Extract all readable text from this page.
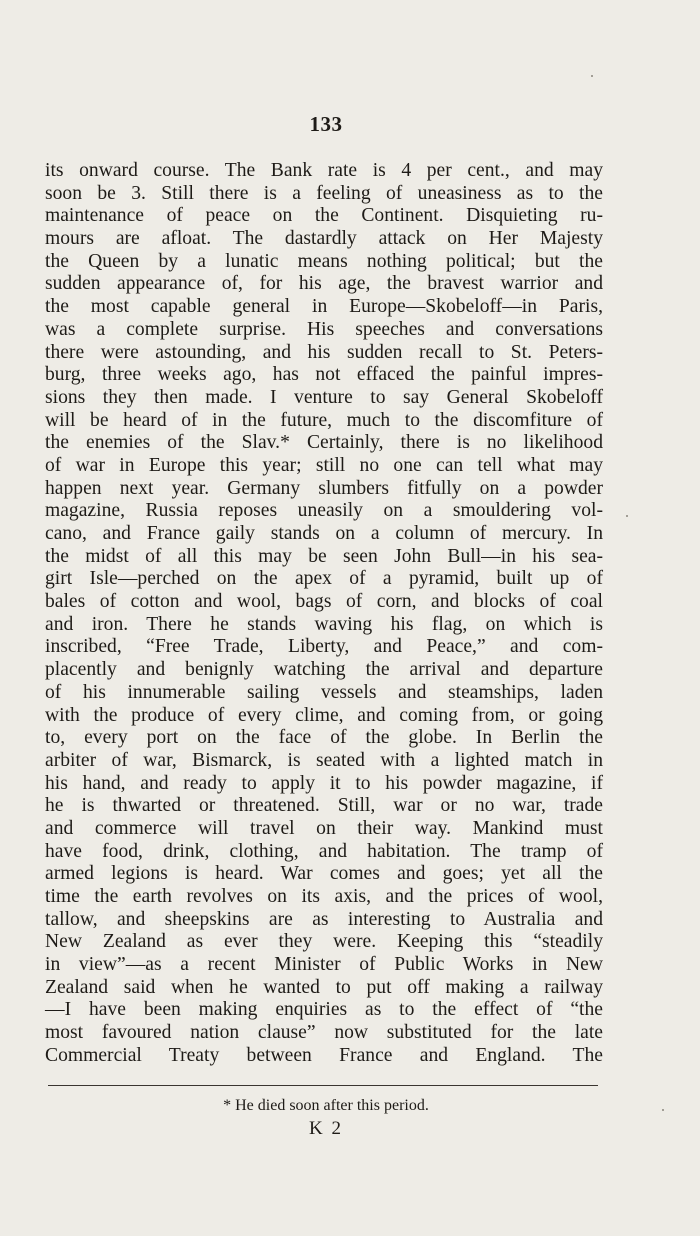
133
its onward course. The Bank rate is 4 per cent., and may
soon be 3. Still there is a feeling of uneasiness as to the
maintenance of peace on the Continent. Disquieting ru-
mours are afloat. The dastardly attack on Her Majesty
the Queen by a lunatic means nothing political; but the
sudden appearance of, for his age, the bravest warrior and
the most capable general in Europe—Skobeloff—in Paris,
was a complete surprise. His speeches and conversations
there were astounding, and his sudden recall to St. Peters-
burg, three weeks ago, has not effaced the painful impres-
sions they then made. I venture to say General Skobeloff
will be heard of in the future, much to the discomfiture of
the enemies of the Slav.* Certainly, there is no likelihood
of war in Europe this year; still no one can tell what may
happen next year. Germany slumbers fitfully on a powder
magazine, Russia reposes uneasily on a smouldering vol-
cano, and France gaily stands on a column of mercury. In
the midst of all this may be seen John Bull—in his sea-
girt Isle—perched on the apex of a pyramid, built up of
bales of cotton and wool, bags of corn, and blocks of coal
and iron. There he stands waving his flag, on which is
inscribed, “Free Trade, Liberty, and Peace,” and com-
placently and benignly watching the arrival and departure
of his innumerable sailing vessels and steamships, laden
with the produce of every clime, and coming from, or going
to, every port on the face of the globe. In Berlin the
arbiter of war, Bismarck, is seated with a lighted match in
his hand, and ready to apply it to his powder magazine, if
he is thwarted or threatened. Still, war or no war, trade
and commerce will travel on their way. Mankind must
have food, drink, clothing, and habitation. The tramp of
armed legions is heard. War comes and goes; yet all the
time the earth revolves on its axis, and the prices of wool,
tallow, and sheepskins are as interesting to Australia and
New Zealand as ever they were. Keeping this “steadily
in view”—as a recent Minister of Public Works in New
Zealand said when he wanted to put off making a railway
—I have been making enquiries as to the effect of “the
most favoured nation clause” now substituted for the late
Commercial Treaty between France and England. The
* He died soon after this period.
K 2
